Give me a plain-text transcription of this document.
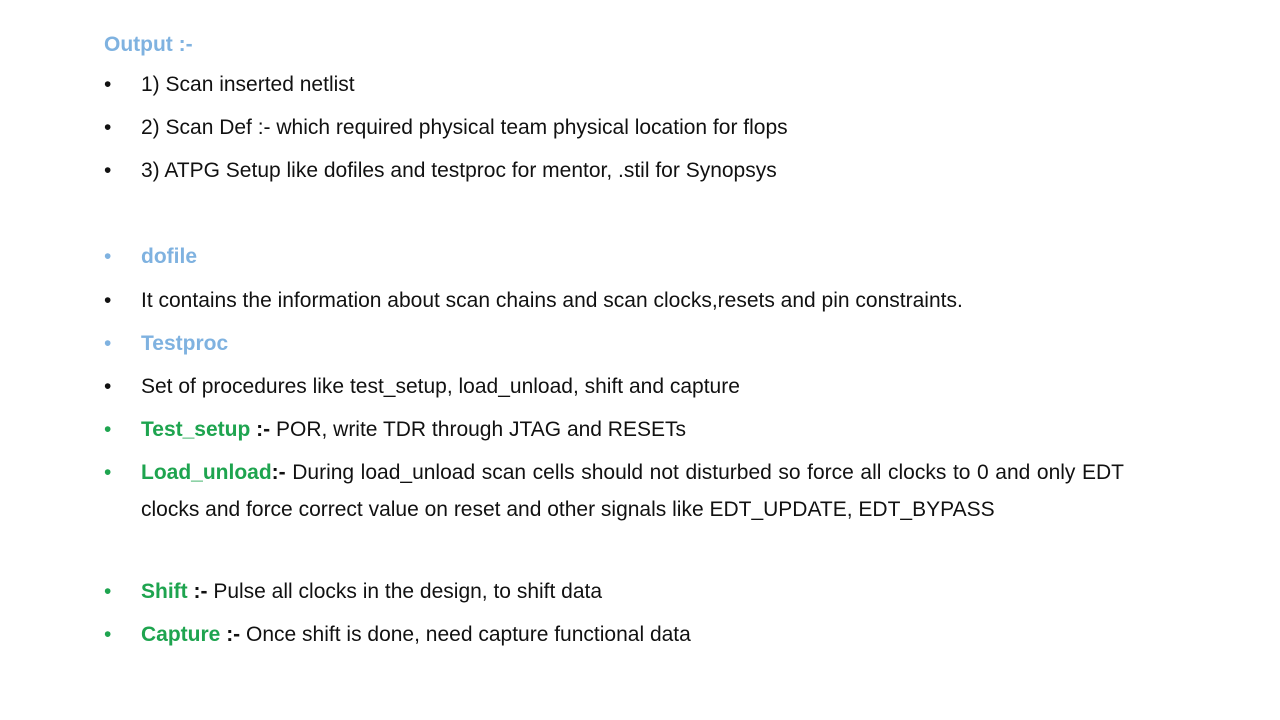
Output :-
•	1) Scan inserted netlist
•	2) Scan Def :- which required physical team physical location for flops
•	3) ATPG Setup like dofiles and testproc for mentor, .stil for Synopsys
•	dofile
•	It contains the information about scan chains and scan clocks,resets and pin constraints.
•	Testproc
•	Set of procedures like test_setup, load_unload, shift and capture
•	Test_setup :- POR, write TDR through JTAG and RESETs
•	Load_unload:- During load_unload scan cells should not disturbed so force all clocks to 0 and only EDT clocks and force correct value on reset and other signals like EDT_UPDATE, EDT_BYPASS
•	Shift :- Pulse all clocks in the design, to shift data
•	Capture :- Once shift is done, need capture functional data
